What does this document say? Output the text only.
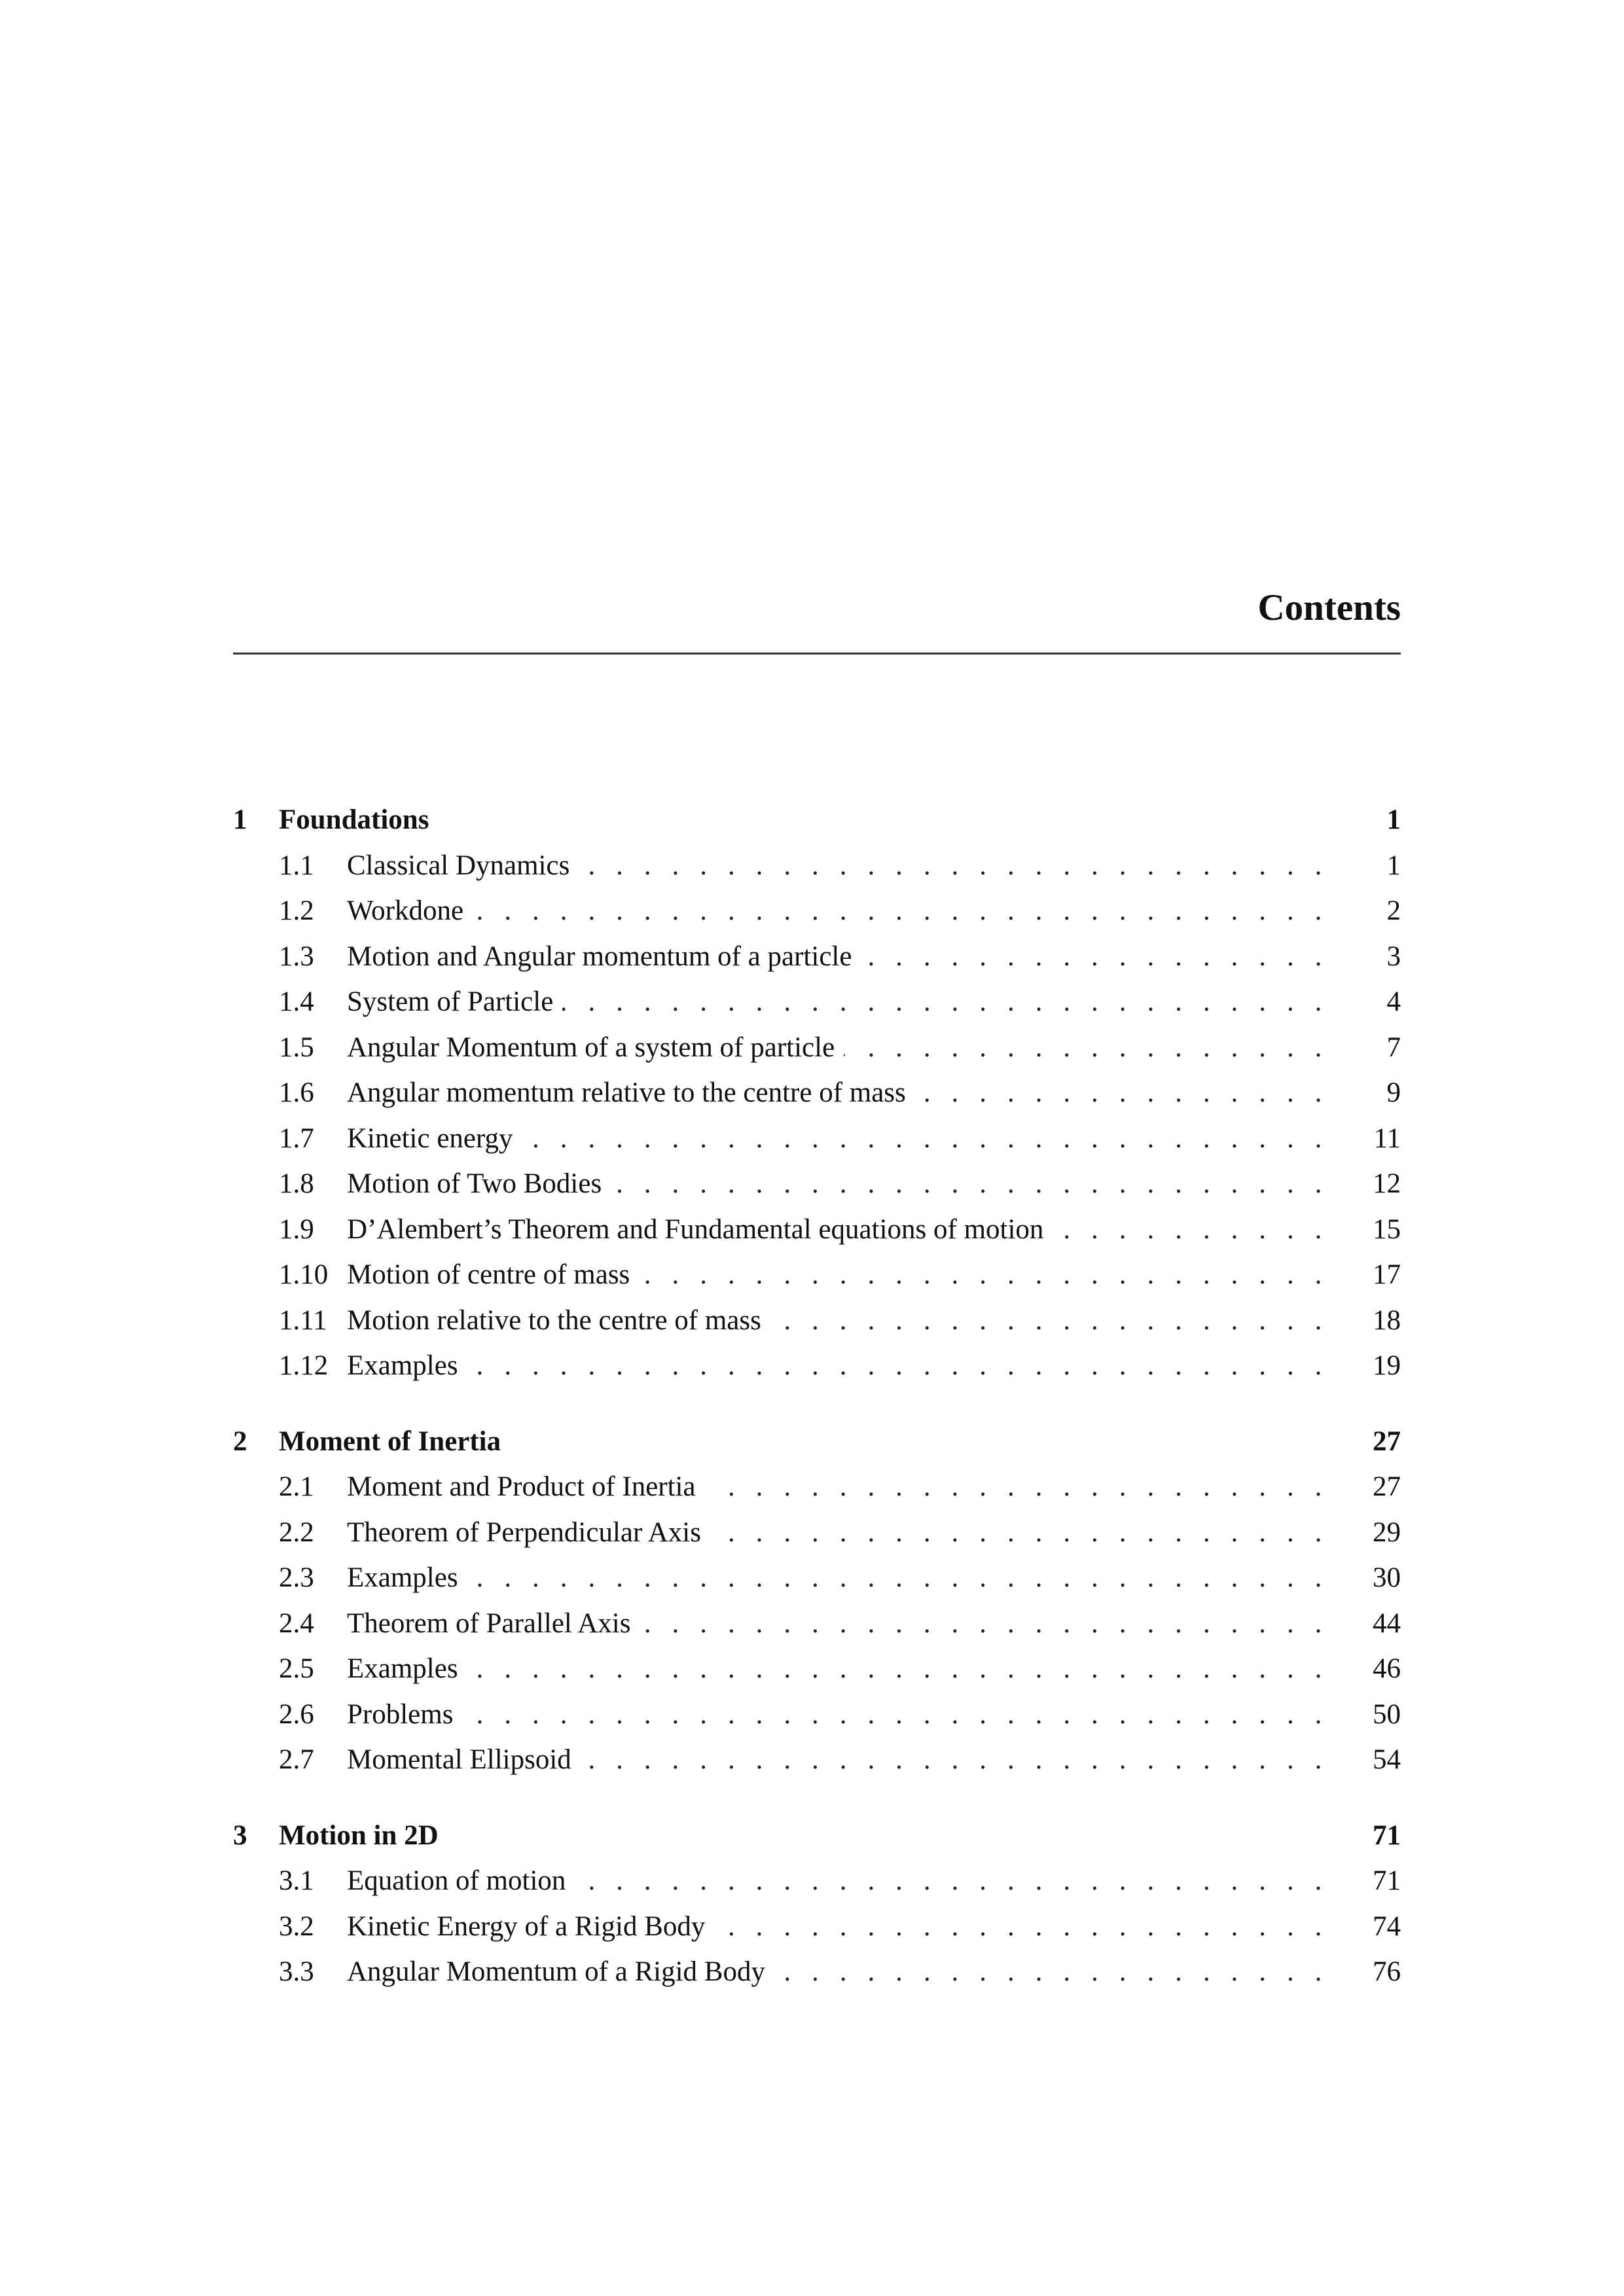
Contents
1	Foundations	1
1.1	Classical Dynamics . . .	1
1.2	Workdone . . .	2
1.3	Motion and Angular momentum of a particle . . .	3
1.4	System of Particle . . .	4
1.5	Angular Momentum of a system of particle . . .	7
1.6	Angular momentum relative to the centre of mass . . .	9
1.7	Kinetic energy . . .	11
1.8	Motion of Two Bodies . . .	12
1.9	D’Alembert’s Theorem and Fundamental equations of motion . . .	15
1.10 Motion of centre of mass . . .	17
1.11 Motion relative to the centre of mass . . .	18
1.12 Examples . . .	19
2	Moment of Inertia	27
2.1	Moment and Product of Inertia . . .	27
2.2	Theorem of Perpendicular Axis . . .	29
2.3	Examples . . .	30
2.4	Theorem of Parallel Axis . . .	44
2.5	Examples . . .	46
2.6	Problems . . .	50
2.7	Momental Ellipsoid . . .	54
3	Motion in 2D	71
3.1	Equation of motion . . .	71
3.2	Kinetic Energy of a Rigid Body . . .	74
3.3	Angular Momentum of a Rigid Body . . .	76
